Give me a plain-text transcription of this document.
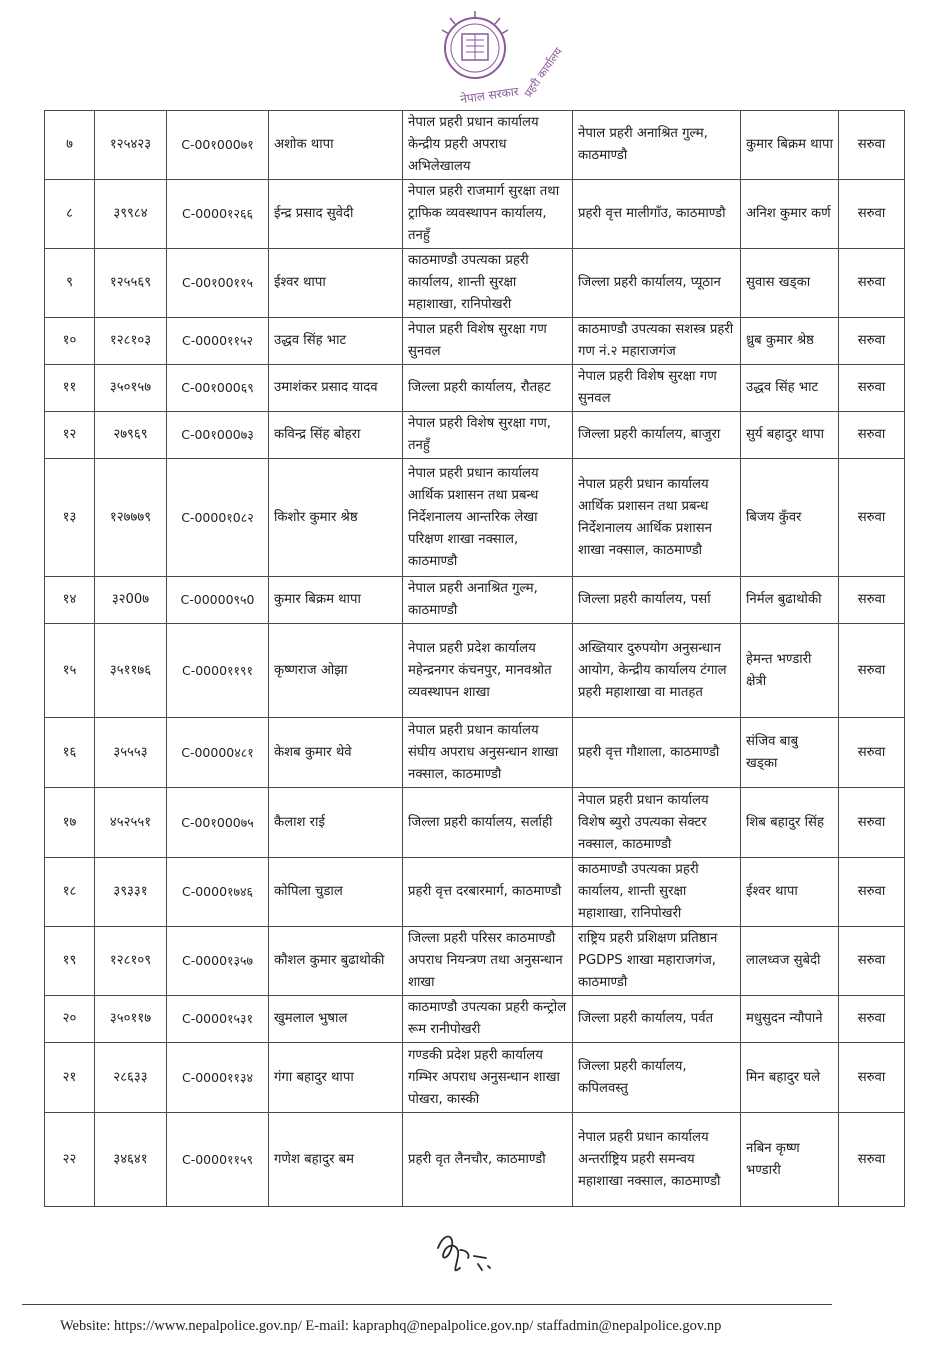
नेपाल सरकार प्रहरी कार्यालय
७	१२५४२३	C-00१000७१	अशोक थापा	नेपाल प्रहरी प्रधान कार्यालय केन्द्रीय प्रहरी अपराध अभिलेखालय	नेपाल प्रहरी अनाश्रित गुल्म, काठमाण्डौ	कुमार बिक्रम थापा	सरुवा
८	३९९८४	C-0000१२६६	ईन्द्र प्रसाद सुवेदी	नेपाल प्रहरी राजमार्ग सुरक्षा तथा ट्राफिक व्यवस्थापन कार्यालय, तनहुँ	प्रहरी वृत्त मालीगाँउ, काठमाण्डौ	अनिश कुमार कर्ण	सरुवा
९	१२५५६९	C-00१00११५	ईश्वर थापा	काठमाण्डौ उपत्यका प्रहरी कार्यालय, शान्ती सुरक्षा महाशाखा, रानिपोखरी	जिल्ला प्रहरी कार्यालय, प्यूठान	सुवास खड्का	सरुवा
१०	१२८१०३	C-0000११५२	उद्धव सिंह भाट	नेपाल प्रहरी विशेष सुरक्षा गण सुनवल	काठमाण्डौ उपत्यका सशस्त्र प्रहरी गण नं.२ महाराजगंज	ध्रुब कुमार श्रेष्ठ	सरुवा
११	३५०१५७	C-00१000६९	उमाशंकर प्रसाद यादव	जिल्ला प्रहरी कार्यालय, रौतहट	नेपाल प्रहरी विशेष सुरक्षा गण सुनवल	उद्धव सिंह भाट	सरुवा
१२	२७९६९	C-00१000७३	कविन्द्र सिंह बोहरा	नेपाल प्रहरी विशेष सुरक्षा गण, तनहुँ	जिल्ला प्रहरी कार्यालय, बाजुरा	सुर्य बहादुर थापा	सरुवा
१३	१२७७७९	C-0000१0८२	किशोर कुमार श्रेष्ठ	नेपाल प्रहरी प्रधान कार्यालय आर्थिक प्रशासन तथा प्रबन्ध निर्देशनालय आन्तरिक लेखा परिक्षण शाखा नक्साल, काठमाण्डौ	नेपाल प्रहरी प्रधान कार्यालय आर्थिक प्रशासन तथा प्रबन्ध निर्देशनालय आर्थिक प्रशासन शाखा नक्साल, काठमाण्डौ	बिजय कुँवर	सरुवा
१४	३२00७	C-00000९५0	कुमार बिक्रम थापा	नेपाल प्रहरी अनाश्रित गुल्म, काठमाण्डौ	जिल्ला प्रहरी कार्यालय, पर्सा	निर्मल बुढाथोकी	सरुवा
१५	३५११७६	C-0000११९१	कृष्णराज ओझा	नेपाल प्रहरी प्रदेश कार्यालय महेन्द्रनगर कंचनपुर, मानवश्रोत व्यवस्थापन शाखा	अख्तियार दुरुपयोग अनुसन्धान आयोग, केन्द्रीय कार्यालय टंगाल प्रहरी महाशाखा वा मातहत	हेमन्त भण्डारी क्षेत्री	सरुवा
१६	३५५५३	C-00000४८१	केशब कुमार थेवे	नेपाल प्रहरी प्रधान कार्यालय संघीय अपराध अनुसन्धान शाखा नक्साल, काठमाण्डौ	प्रहरी वृत्त गौशाला, काठमाण्डौ	संजिव बाबु खड्का	सरुवा
१७	४५२५५१	C-00१000७५	कैलाश राई	जिल्ला प्रहरी कार्यालय, सर्लाही	नेपाल प्रहरी प्रधान कार्यालय विशेष ब्युरो उपत्यका सेक्टर नक्साल, काठमाण्डौ	शिब बहादुर सिंह	सरुवा
१८	३९३३१	C-0000१७४६	कोपिला चुडाल	प्रहरी वृत्त दरबारमार्ग, काठमाण्डौ	काठमाण्डौ उपत्यका प्रहरी कार्यालय, शान्ती सुरक्षा महाशाखा, रानिपोखरी	ईश्वर थापा	सरुवा
१९	१२८१०९	C-0000१३५७	कौशल कुमार बुढाथोकी	जिल्ला प्रहरी परिसर काठमाण्डौ अपराध नियन्त्रण तथा अनुसन्धान शाखा	राष्ट्रिय प्रहरी प्रशिक्षण प्रतिष्ठान PGDPS शाखा महाराजगंज, काठमाण्डौ	लालध्वज सुबेदी	सरुवा
२०	३५०११७	C-0000१५३१	खुमलाल भुषाल	काठमाण्डौ उपत्यका प्रहरी कन्ट्रोल रूम रानीपोखरी	जिल्ला प्रहरी कार्यालय, पर्वत	मधुसुदन न्यौपाने	सरुवा
२१	२८६३३	C-0000११३४	गंगा बहादुर थापा	गण्डकी प्रदेश प्रहरी कार्यालय गम्भिर अपराध अनुसन्धान शाखा पोखरा, कास्की	जिल्ला प्रहरी कार्यालय, कपिलवस्तु	मिन बहादुर घले	सरुवा
२२	३४६४१	C-0000११५९	गणेश बहादुर बम	प्रहरी वृत लैनचौर, काठमाण्डौ	नेपाल प्रहरी प्रधान कार्यालय अन्तर्राष्ट्रिय प्रहरी समन्वय महाशाखा नक्साल, काठमाण्डौ	नबिन कृष्ण भण्डारी	सरुवा
Website: https://www.nepalpolice.gov.np/ E-mail: kapraphq@nepalpolice.gov.np/ staffadmin@nepalpolice.gov.np
